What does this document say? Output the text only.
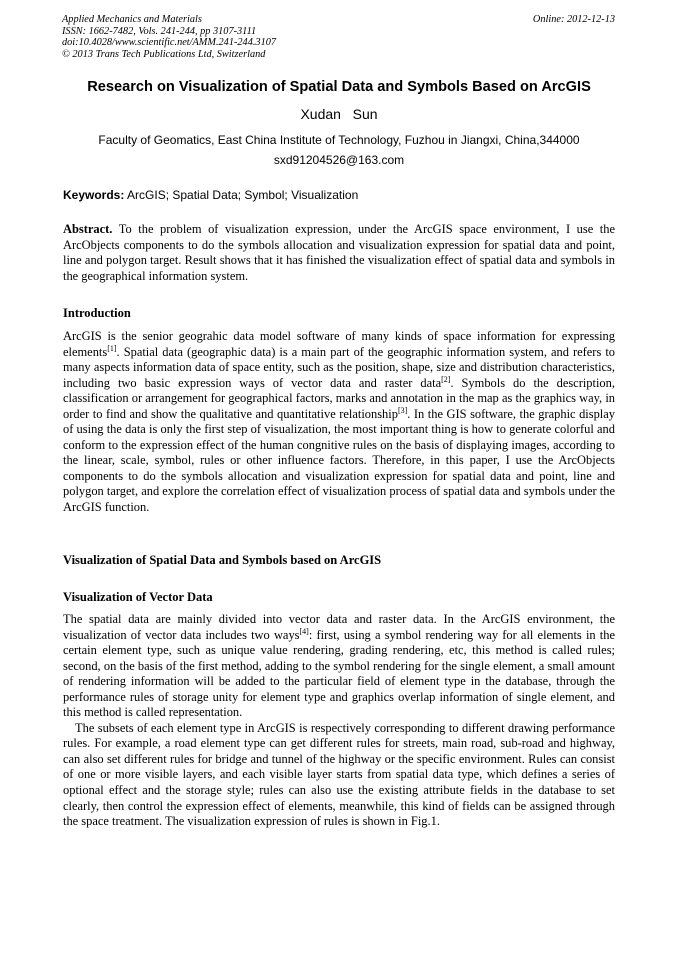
Applied Mechanics and Materials
ISSN: 1662-7482, Vols. 241-244, pp 3107-3111
doi:10.4028/www.scientific.net/AMM.241-244.3107
© 2013 Trans Tech Publications Ltd, Switzerland
Online: 2012-12-13
Research on Visualization of Spatial Data and Symbols Based on ArcGIS
Xudan   Sun
Faculty of Geomatics, East China Institute of Technology, Fuzhou in Jiangxi, China,344000
sxd91204526@163.com
Keywords: ArcGIS; Spatial Data; Symbol; Visualization
Abstract. To the problem of visualization expression, under the ArcGIS space environment, I use the ArcObjects components to do the symbols allocation and visualization expression for spatial data and point, line and polygon target. Result shows that it has finished the visualization effect of spatial data and symbols in the geographical information system.
Introduction
ArcGIS is the senior geograhic data model software of many kinds of space information for expressing elements[1]. Spatial data (geographic data) is a main part of the geographic information system, and refers to many aspects information data of space entity, such as the position, shape, size and distribution characteristics, including two basic expression ways of vector data and raster data[2]. Symbols do the description, classification or arrangement for geographical factors, marks and annotation in the map as the graphics way, in order to find and show the qualitative and quantitative relationship[3]. In the GIS software, the graphic display of using the data is only the first step of visualization, the most important thing is how to generate colorful and conform to the expression effect of the human congnitive rules on the basis of displaying images, according to the linear, scale, symbol, rules or other influence factors. Therefore, in this paper, I use the ArcObjects components to do the symbols allocation and visualization expression for spatial data and point, line and polygon target, and explore the correlation effect of visualization process of spatial data and symbols under the ArcGIS function.
Visualization of Spatial Data and Symbols based on ArcGIS
Visualization of Vector Data

The spatial data are mainly divided into vector data and raster data. In the ArcGIS environment, the visualization of vector data includes two ways[4]: first, using a symbol rendering way for all elements in the certain element type, such as unique value rendering, grading rendering, etc, this method is called rules; second, on the basis of the first method, adding to the symbol rendering for the single element, a small amount of rendering information will be added to the particular field of element type in the database, through the performance rules of storage unity for element type and graphics overlap information of single element, and this method is called representation.

The subsets of each element type in ArcGIS is respectively corresponding to different drawing performance rules. For example, a road element type can get different rules for streets, main road, sub-road and highway, can also set different rules for bridge and tunnel of the highway or the specific environment. Rules can consist of one or more visible layers, and each visible layer starts from spatial data type, which defines a series of optional effect and the storage style; rules can also use the existing attribute fields in the database to set clearly, then control the expression effect of elements, meanwhile, this kind of fields can be assigned through the space treatment. The visualization expression of rules is shown in Fig.1.
